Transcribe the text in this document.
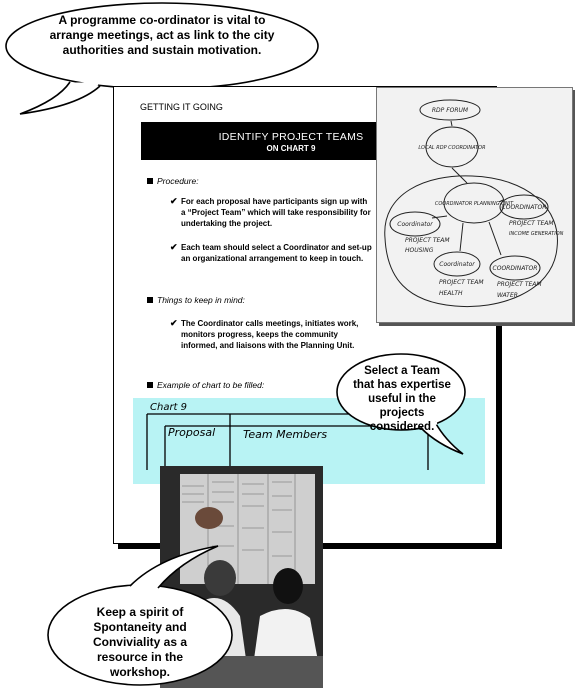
A programme co-ordinator is vital to arrange meetings, act as link to the city authorities and sustain motivation.
GETTING IT GOING
IDENTIFY PROJECT TEAMS
ON CHART 9
Procedure:
✔ For each proposal have participants sign up with a “Project Team” which will take responsibility for undertaking the project.
✔ Each team should select a Coordinator and set-up an organizational arrangement to keep in touch.
Things to keep in mind:
✔ The Coordinator calls meetings, initiates work, monitors progress, keeps the community informed, and liaisons with the Planning Unit.
Example of chart to be filled:
Chart 9
Proposal	Team Members
RDP FORUM
LOCAL RDP COORDINATOR
COORDINATOR PLANNING UNIT
Coordinator
PROJECT TEAM
HOUSING
COORDINATOR
PROJECT TEAM
INCOME GENERATION
Coordinator
PROJECT TEAM
HEALTH
COORDINATOR
PROJECT TEAM
WATER
Select a Team that has expertise useful in the projects considered.
Keep a spirit of Spontaneity and Conviviality as a resource in the workshop.
